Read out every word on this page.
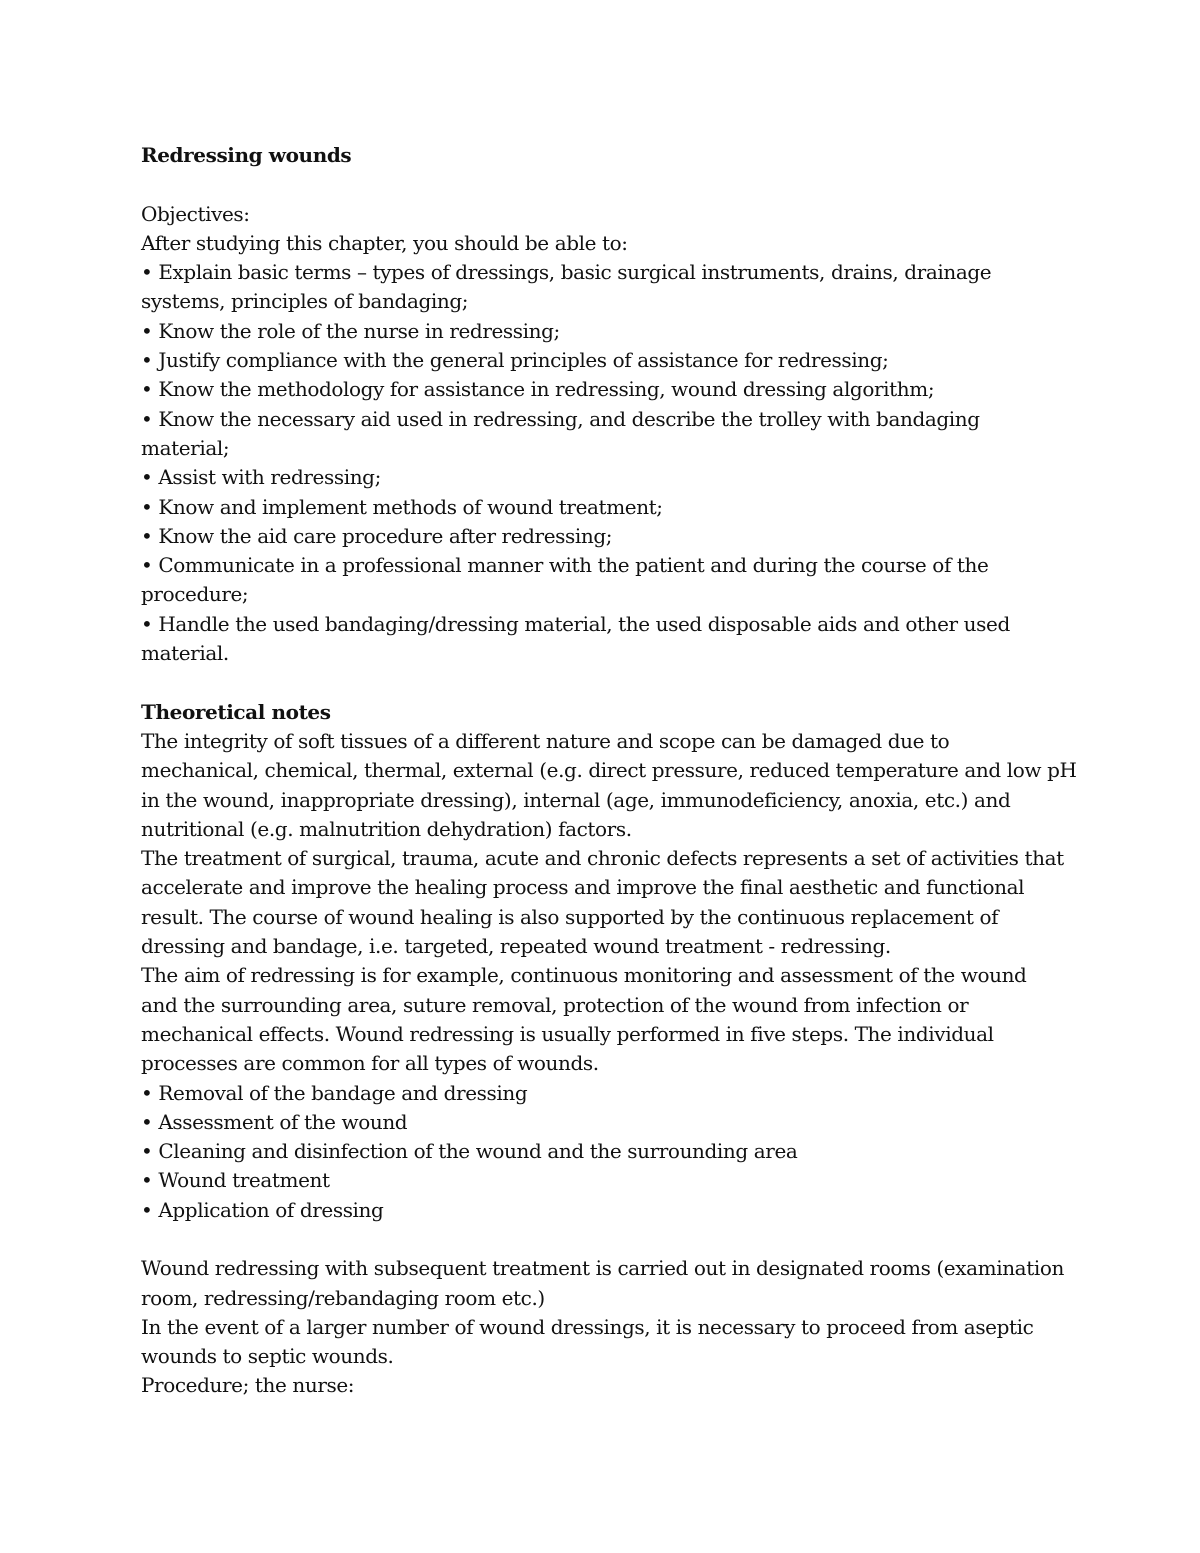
Redressing wounds
Objectives:
After studying this chapter, you should be able to:
• Explain basic terms – types of dressings, basic surgical instruments, drains, drainage
systems, principles of bandaging;
• Know the role of the nurse in redressing;
• Justify compliance with the general principles of assistance for redressing;
• Know the methodology for assistance in redressing, wound dressing algorithm;
• Know the necessary aid used in redressing, and describe the trolley with bandaging
material;
• Assist with redressing;
• Know and implement methods of wound treatment;
• Know the aid care procedure after redressing;
• Communicate in a professional manner with the patient and during the course of the
procedure;
• Handle the used bandaging/dressing material, the used disposable aids and other used
material.
Theoretical notes
The integrity of soft tissues of a different nature and scope can be damaged due to
mechanical, chemical, thermal, external (e.g. direct pressure, reduced temperature and low pH
in the wound, inappropriate dressing), internal (age, immunodeficiency, anoxia, etc.) and
nutritional (e.g. malnutrition dehydration) factors.
The treatment of surgical, trauma, acute and chronic defects represents a set of activities that
accelerate and improve the healing process and improve the final aesthetic and functional
result. The course of wound healing is also supported by the continuous replacement of
dressing and bandage, i.e. targeted, repeated wound treatment - redressing.
The aim of redressing is for example, continuous monitoring and assessment of the wound
and the surrounding area, suture removal, protection of the wound from infection or
mechanical effects. Wound redressing is usually performed in five steps. The individual
processes are common for all types of wounds.
• Removal of the bandage and dressing
• Assessment of the wound
• Cleaning and disinfection of the wound and the surrounding area
• Wound treatment
• Application of dressing
Wound redressing with subsequent treatment is carried out in designated rooms (examination
room, redressing/rebandaging room etc.)
In the event of a larger number of wound dressings, it is necessary to proceed from aseptic
wounds to septic wounds.
Procedure; the nurse:
